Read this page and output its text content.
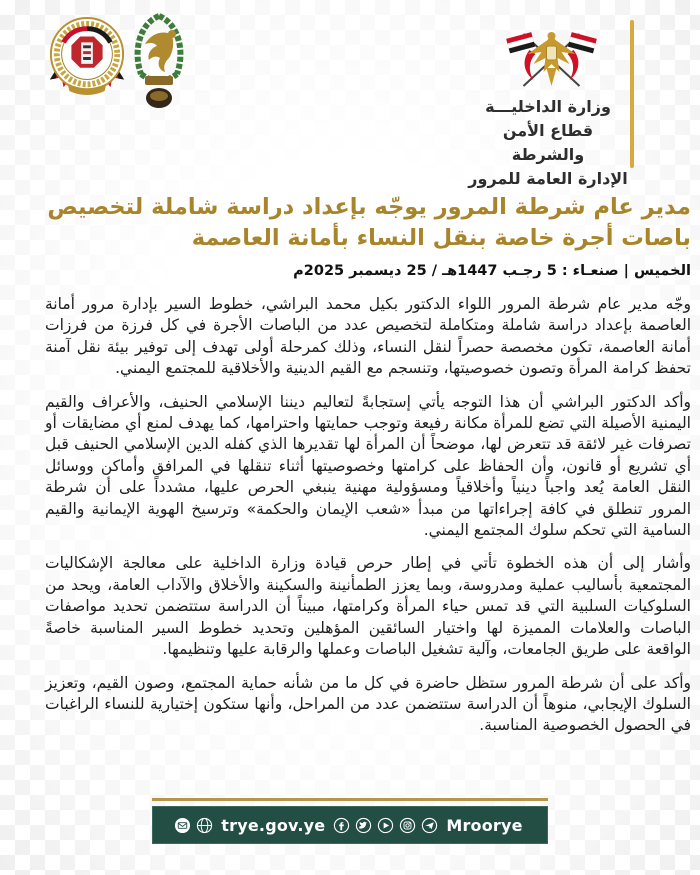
وزارة الداخليـــة
قطاع الأمن والشرطة
الإدارة العامة للمرور
مدير عام شرطة المرور يوجّه بإعداد دراسة شاملة لتخصيص باصات أجرة خاصة بنقل النساء بأمانة العاصمة
الخميس | صنعـاء : 5 رجـب 1447هـ / 25 ديسمبر 2025م

وجّه مدير عام شرطة المرور اللواء الدكتور بكيل محمد البراشي، خطوط السير بإدارة مرور أمانة العاصمة بإعداد دراسة شاملة ومتكاملة لتخصيص عدد من الباصات الأجرة في كل فرزة من فرزات أمانة العاصمة، تكون مخصصة حصراً لنقل النساء، وذلك كمرحلة أولى تهدف إلى توفير بيئة نقل آمنة تحفظ كرامة المرأة وتصون خصوصيتها، وتنسجم مع القيم الدينية والأخلاقية للمجتمع اليمني.

وأكد الدكتور البراشي أن هذا التوجه يأتي إستجابةً لتعاليم ديننا الإسلامي الحنيف، والأعراف والقيم اليمنية الأصيلة التي تضع للمرأة مكانة رفيعة وتوجب حمايتها واحترامها، كما يهدف لمنع أي مضايقات أو تصرفات غير لائقة قد تتعرض لها، موضحاً أن المرأة لها تقديرها الذي كفله الدين الإسلامي الحنيف قبل أي تشريع أو قانون، وأن الحفاظ على كرامتها وخصوصيتها أثناء تنقلها في المرافق وأماكن ووسائل النقل العامة يُعد واجباً دينياً وأخلاقياً ومسؤولية مهنية ينبغي الحرص عليها، مشدداً على أن شرطة المرور تنطلق في كافة إجراءاتها من مبدأ «شعب الإيمان والحكمة» وترسيخ الهوية الإيمانية والقيم السامية التي تحكم سلوك المجتمع اليمني.

وأشار إلى أن هذه الخطوة تأتي في إطار حرص قيادة وزارة الداخلية على معالجة الإشكاليات المجتمعية بأساليب عملية ومدروسة، وبما يعزز الطمأنينة والسكينة والأخلاق والآداب العامة، ويحد من السلوكيات السلبية التي قد تمس حياء المرأة وكرامتها، مبيناً أن الدراسة ستتضمن تحديد مواصفات الباصات والعلامات المميزة لها واختيار السائقين المؤهلين وتحديد خطوط السير المناسبة خاصةً الواقعة على طريق الجامعات، وآلية تشغيل الباصات وعملها والرقابة عليها وتنظيمها.

وأكد على أن شرطة المرور ستظل حاضرة في كل ما من شأنه حماية المجتمع، وصون القيم، وتعزيز السلوك الإيجابي، منوهاً أن الدراسة ستتضمن عدد من المراحل، وأنها ستكون إختيارية للنساء الراغبات في الحصول الخصوصية المناسبة.

trye.gov.ye	Mroorye
